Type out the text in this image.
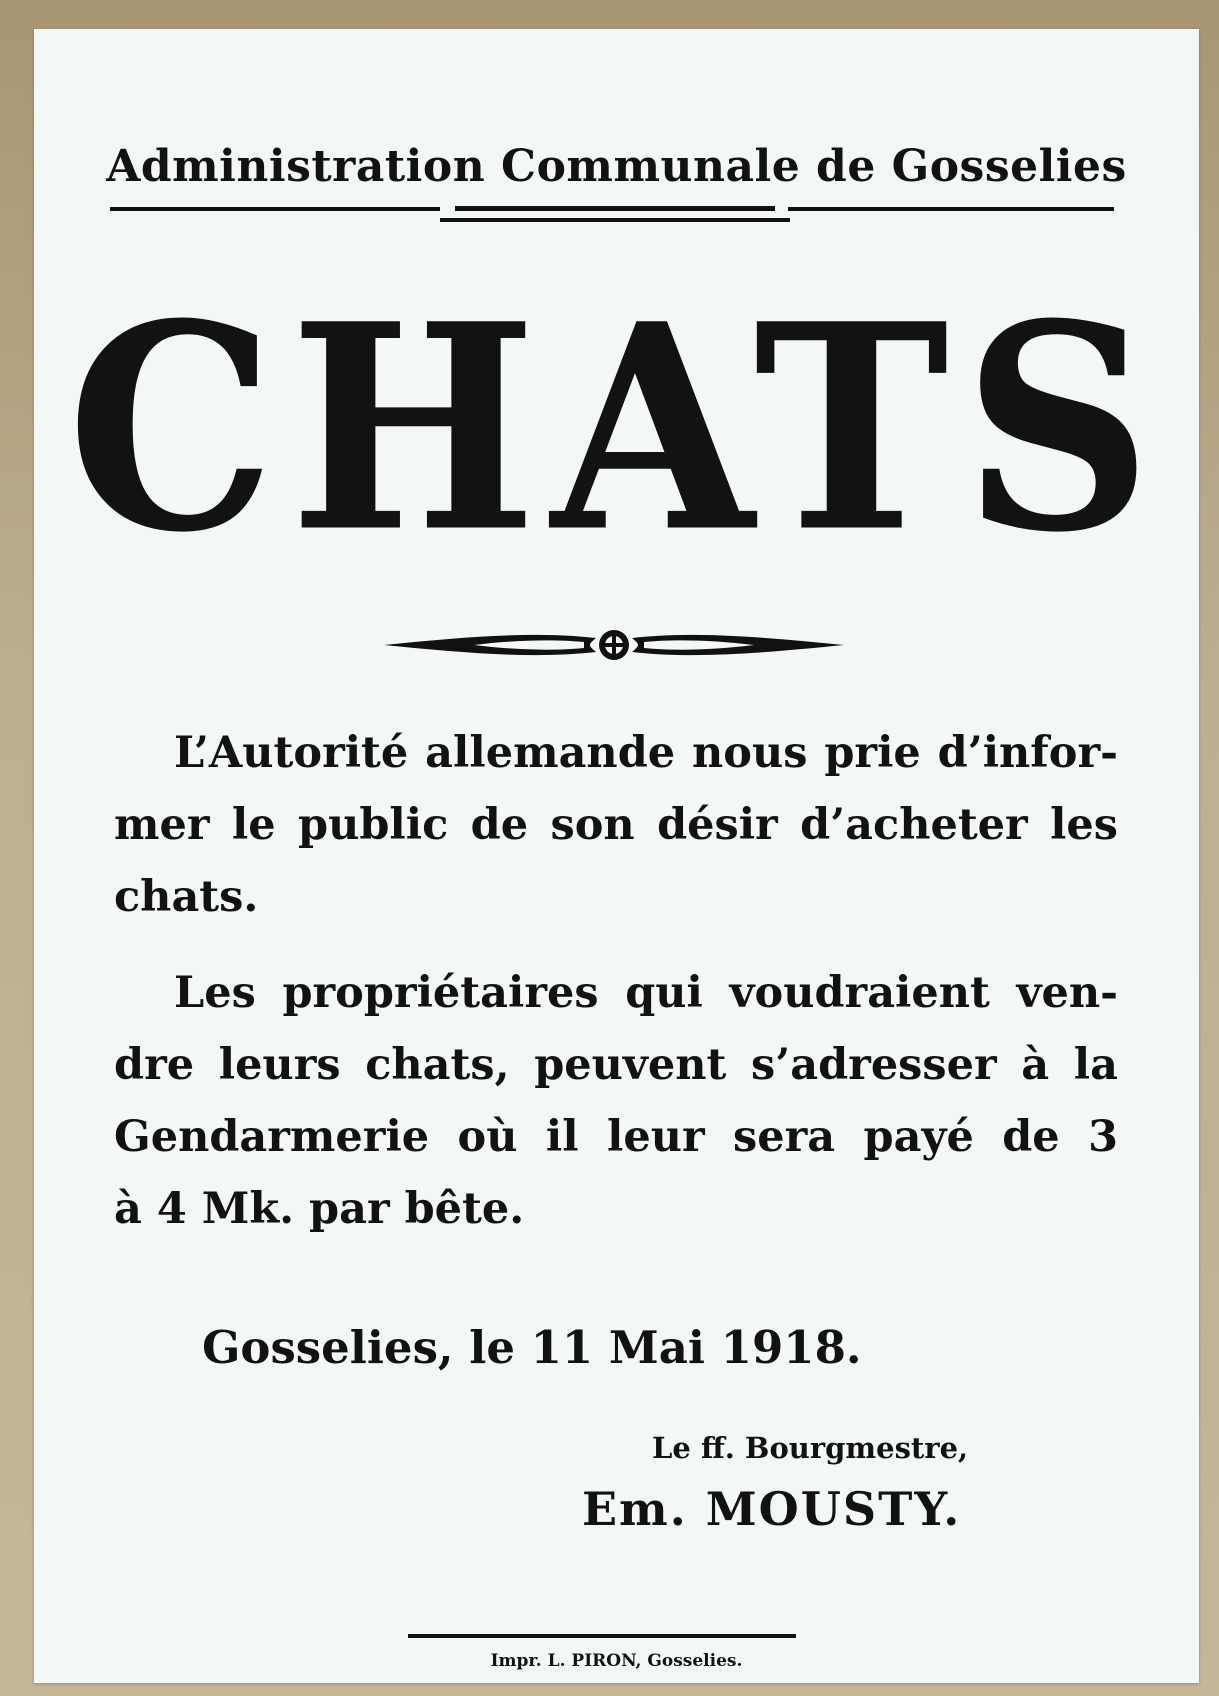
Administration Communale de Gosselies
CHATS
L’Autorité allemande nous prie d’infor-
mer le public de son désir d’acheter les
chats.
Les propriétaires qui voudraient ven-
dre leurs chats, peuvent s’adresser à la
Gendarmerie où il leur sera payé de 3
à 4 Mk. par bête.
Gosselies, le 11 Mai 1918.
Le ff. Bourgmestre,
Em. MOUSTY.
Impr. L. PIRON, Gosselies.
